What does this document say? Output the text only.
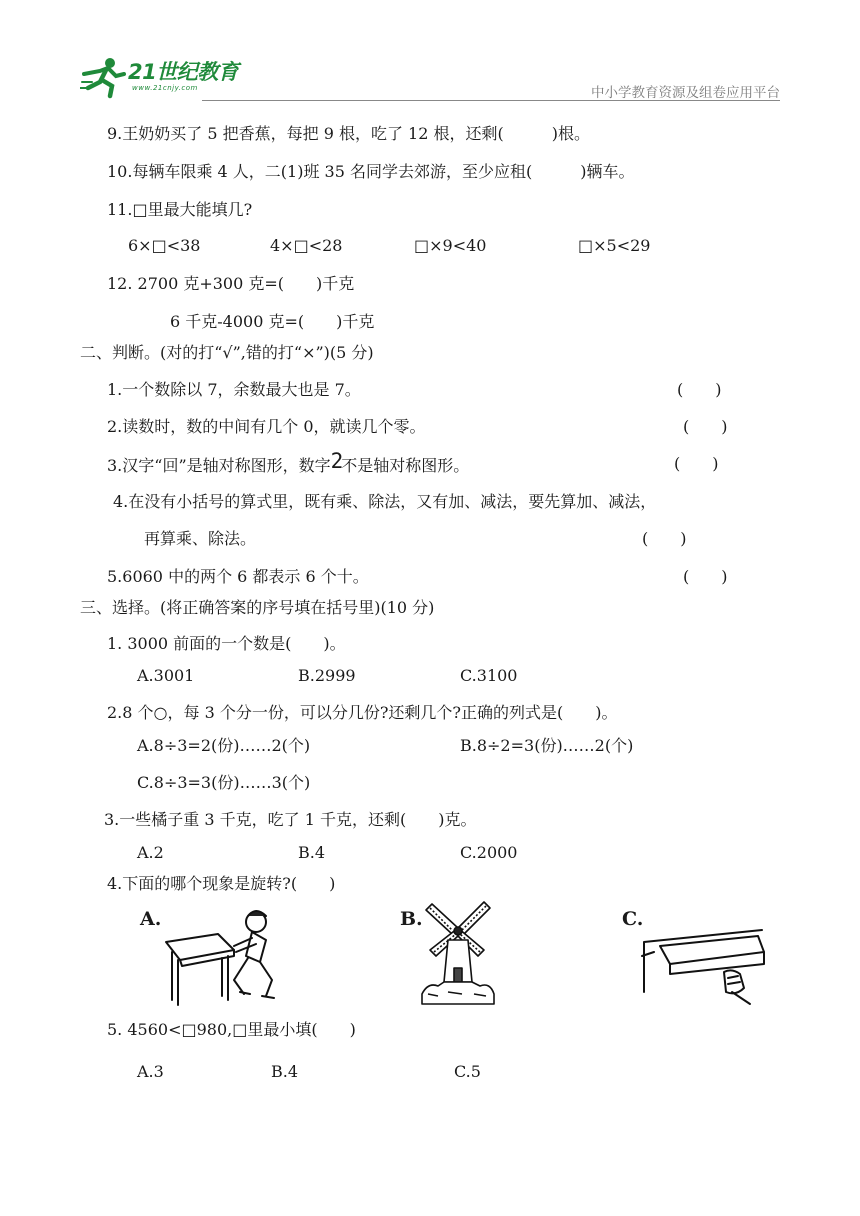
21世纪教育
www.21cnjy.com	中小学教育资源及组卷应用平台
9.王奶奶买了 5 把香蕉，每把 9 根，吃了 12 根，还剩(　　　)根。
10.每辆车限乘 4 人，二(1)班 35 名同学去郊游，至少应租(　　　)辆车。
11.□里最大能填几?
6×□<38	4×□<28	□×9<40	□×5<29
12. 2700 克+300 克=(　　)千克
6 千克-4000 克=(　　)千克
二、判断。(对的打“√”,错的打“×”)(5 分)
1.一个数除以 7，余数最大也是 7。	(　　)
2.读数时，数的中间有几个 0，就读几个零。	(　　)
3.汉字“回”是轴对称图形，数字2不是轴对称图形。	(　　)
4.在没有小括号的算式里，既有乘、除法，又有加、减法，要先算加、减法，
再算乘、除法。	(　　)
5.6060 中的两个 6 都表示 6 个十。	(　　)
三、选择。(将正确答案的序号填在括号里)(10 分)
1. 3000 前面的一个数是(　　)。
A.3001	B.2999	C.3100
2.8 个○，每 3 个分一份，可以分几份?还剩几个?正确的列式是(　　)。
A.8÷3=2(份)……2(个)	B.8÷2=3(份)……2(个)
C.8÷3=3(份)……3(个)
3.一些橘子重 3 千克，吃了 1 千克，还剩(　　)克。
A.2	B.4	C.2000
4.下面的哪个现象是旋转?(　　)
A.	B.	C.
5. 4560<□980,□里最小填(　　)
A.3	B.4	C.5
